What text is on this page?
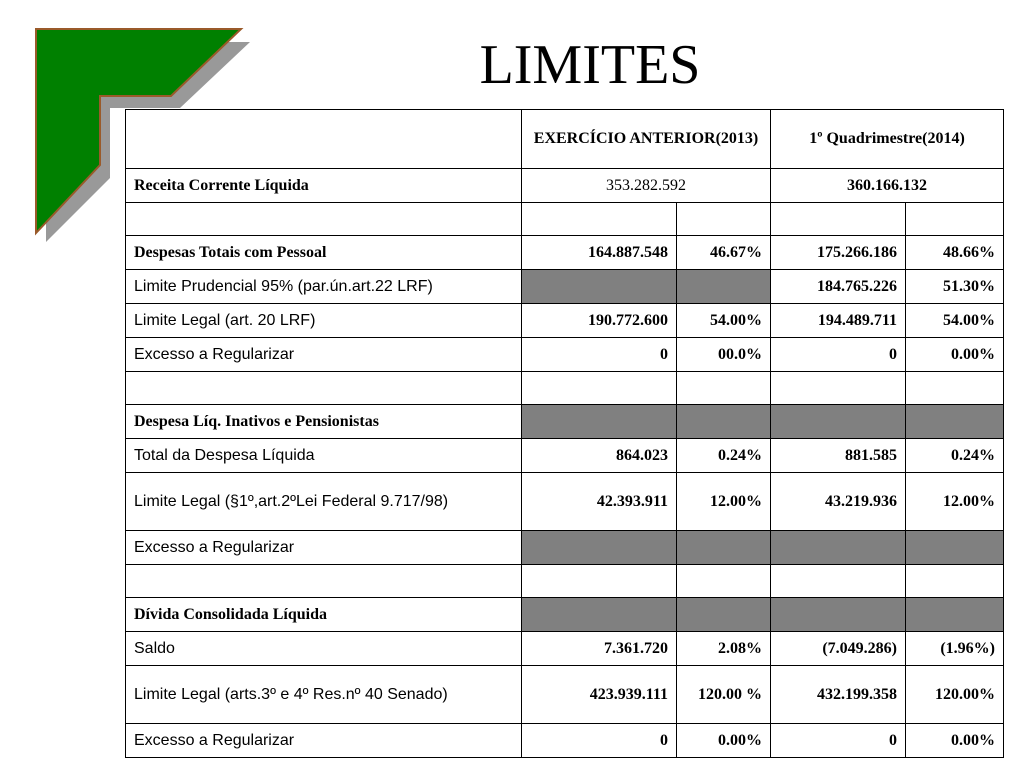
LIMITES
	EXERCÍCIO ANTERIOR(2013)		1º Quadrimestre(2014)	
Receita Corrente Líquida	353.282.592		360.166.132	

Despesas Totais com Pessoal	164.887.548	46.67%	175.266.186	48.66%
Limite Prudencial 95% (par.ún.art.22 LRF)			184.765.226	51.30%
Limite Legal (art. 20 LRF)	190.772.600	54.00%	194.489.711	54.00%
Excesso a Regularizar	0	00.0%	0	0.00%

Despesa Líq. Inativos e Pensionistas				
Total da Despesa Líquida	864.023	0.24%	881.585	0.24%
Limite Legal (§1º,art.2ºLei Federal 9.717/98)	42.393.911	12.00%	43.219.936	12.00%
Excesso a Regularizar				

Dívida Consolidada Líquida				
Saldo	7.361.720	2.08%	(7.049.286)	(1.96%)
Limite Legal (arts.3º e 4º Res.nº 40 Senado)	423.939.111	120.00 %	432.199.358	120.00%
Excesso a Regularizar	0	0.00%	0	0.00%
